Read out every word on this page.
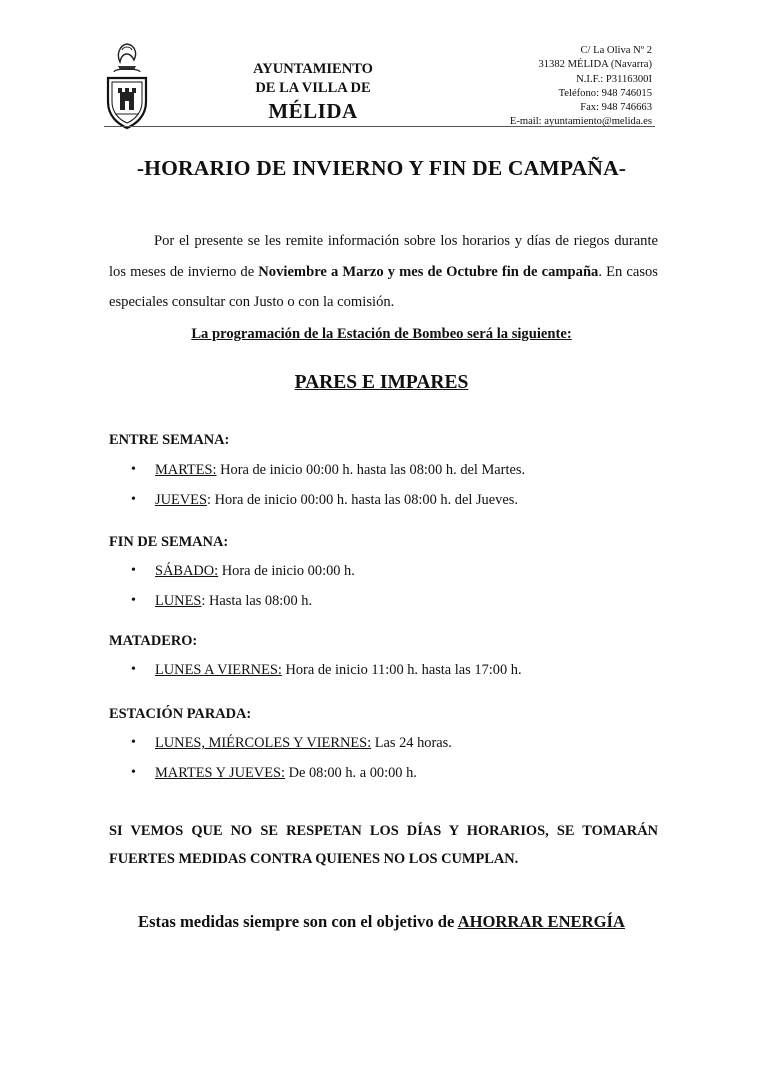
AYUNTAMIENTO
DE LA VILLA DE
MÉLIDA
C/ La Oliva Nº 2
31382 MÉLIDA (Navarra)
N.I.F.: P3116300I
Teléfono: 948 746015
Fax: 948 746663
E-mail: ayuntamiento@melida.es
-HORARIO DE INVIERNO Y FIN DE CAMPAÑA-

Por el presente se les remite información sobre los horarios y días de riegos durante los meses de invierno de Noviembre a Marzo y mes de Octubre fin de campaña. En casos especiales consultar con Justo o con la comisión.

La programación de la Estación de Bombeo será la siguiente:
PARES E IMPARES
ENTRE SEMANA:
• MARTES: Hora de inicio 00:00 h. hasta las 08:00 h. del Martes.
• JUEVES: Hora de inicio 00:00 h. hasta las 08:00 h. del Jueves.
FIN DE SEMANA:
• SÁBADO: Hora de inicio 00:00 h.
• LUNES: Hasta las 08:00 h.
MATADERO:
• LUNES A VIERNES: Hora de inicio 11:00 h. hasta las 17:00 h.
ESTACIÓN PARADA:
• LUNES, MIÉRCOLES Y VIERNES: Las 24 horas.
• MARTES Y JUEVES: De 08:00 h. a 00:00 h.

SI VEMOS QUE NO SE RESPETAN LOS DÍAS Y HORARIOS, SE TOMARÁN FUERTES MEDIDAS CONTRA QUIENES NO LOS CUMPLAN.

Estas medidas siempre son con el objetivo de AHORRAR ENERGÍA
